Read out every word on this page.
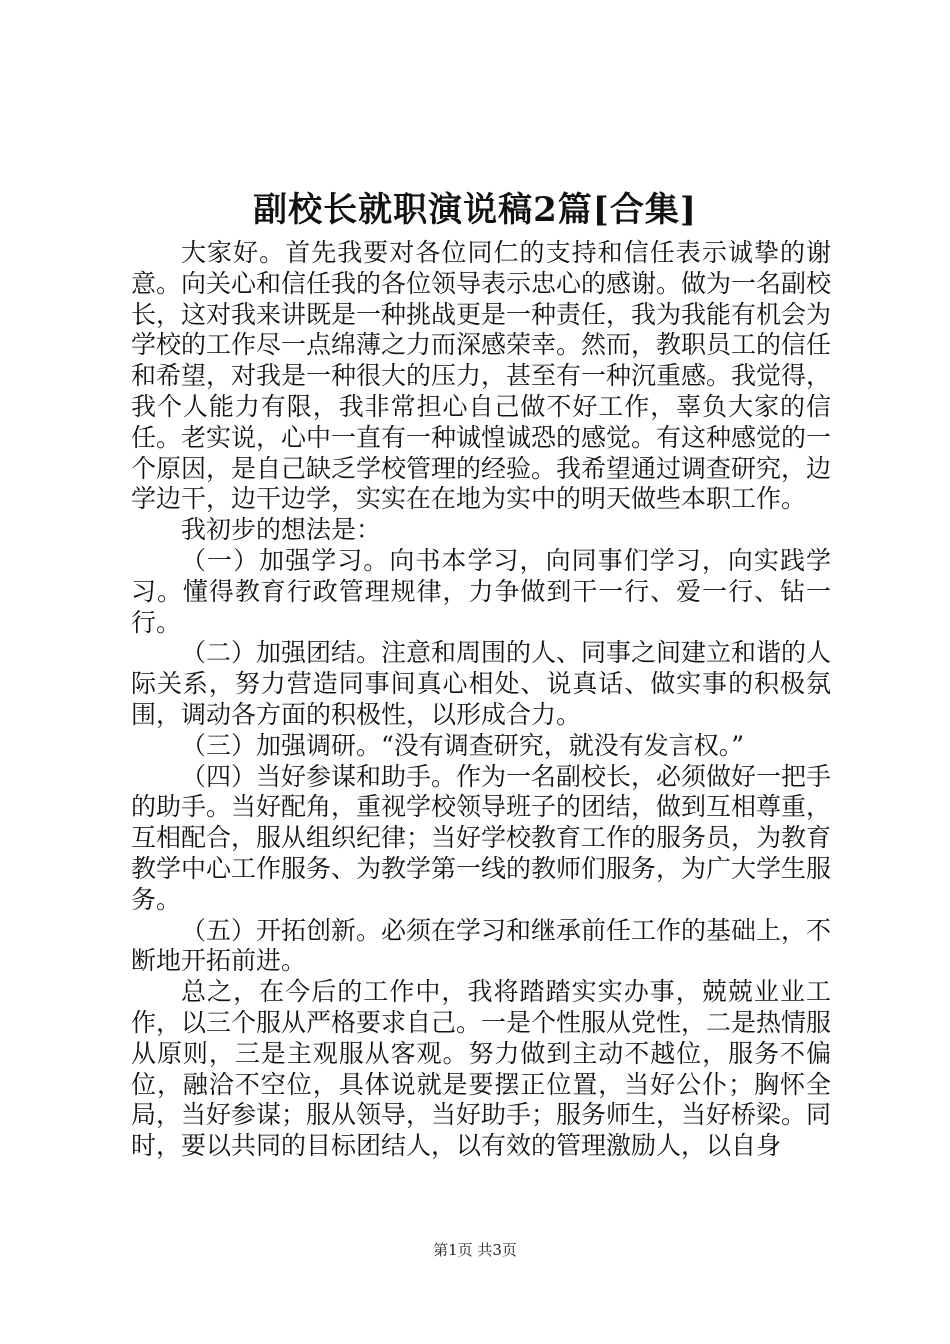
副校长就职演说稿2篇[合集]

大家好。首先我要对各位同仁的支持和信任表示诚挚的谢意。向关心和信任我的各位领导表示忠心的感谢。做为一名副校长，这对我来讲既是一种挑战更是一种责任，我为我能有机会为学校的工作尽一点绵薄之力而深感荣幸。然而，教职员工的信任和希望，对我是一种很大的压力，甚至有一种沉重感。我觉得，我个人能力有限，我非常担心自己做不好工作，辜负大家的信任。老实说，心中一直有一种诚惶诚恐的感觉。有这种感觉的一个原因，是自己缺乏学校管理的经验。我希望通过调查研究，边学边干，边干边学，实实在在地为实中的明天做些本职工作。

我初步的想法是：

（一）加强学习。向书本学习，向同事们学习，向实践学习。懂得教育行政管理规律，力争做到干一行、爱一行、钻一行。

（二）加强团结。注意和周围的人、同事之间建立和谐的人际关系，努力营造同事间真心相处、说真话、做实事的积极氛围，调动各方面的积极性，以形成合力。

（三）加强调研。“没有调查研究，就没有发言权。”

（四）当好参谋和助手。作为一名副校长，必须做好一把手的助手。当好配角，重视学校领导班子的团结，做到互相尊重，互相配合，服从组织纪律；当好学校教育工作的服务员，为教育教学中心工作服务、为教学第一线的教师们服务，为广大学生服务。

（五）开拓创新。必须在学习和继承前任工作的基础上，不断地开拓前进。

总之，在今后的工作中，我将踏踏实实办事，兢兢业业工作，以三个服从严格要求自己。一是个性服从党性，二是热情服从原则，三是主观服从客观。努力做到主动不越位，服务不偏位，融洽不空位，具体说就是要摆正位置，当好公仆；胸怀全局，当好参谋；服从领导，当好助手；服务师生，当好桥梁。同时，要以共同的目标团结人，以有效的管理激励人，以自身

第1页 共3页
